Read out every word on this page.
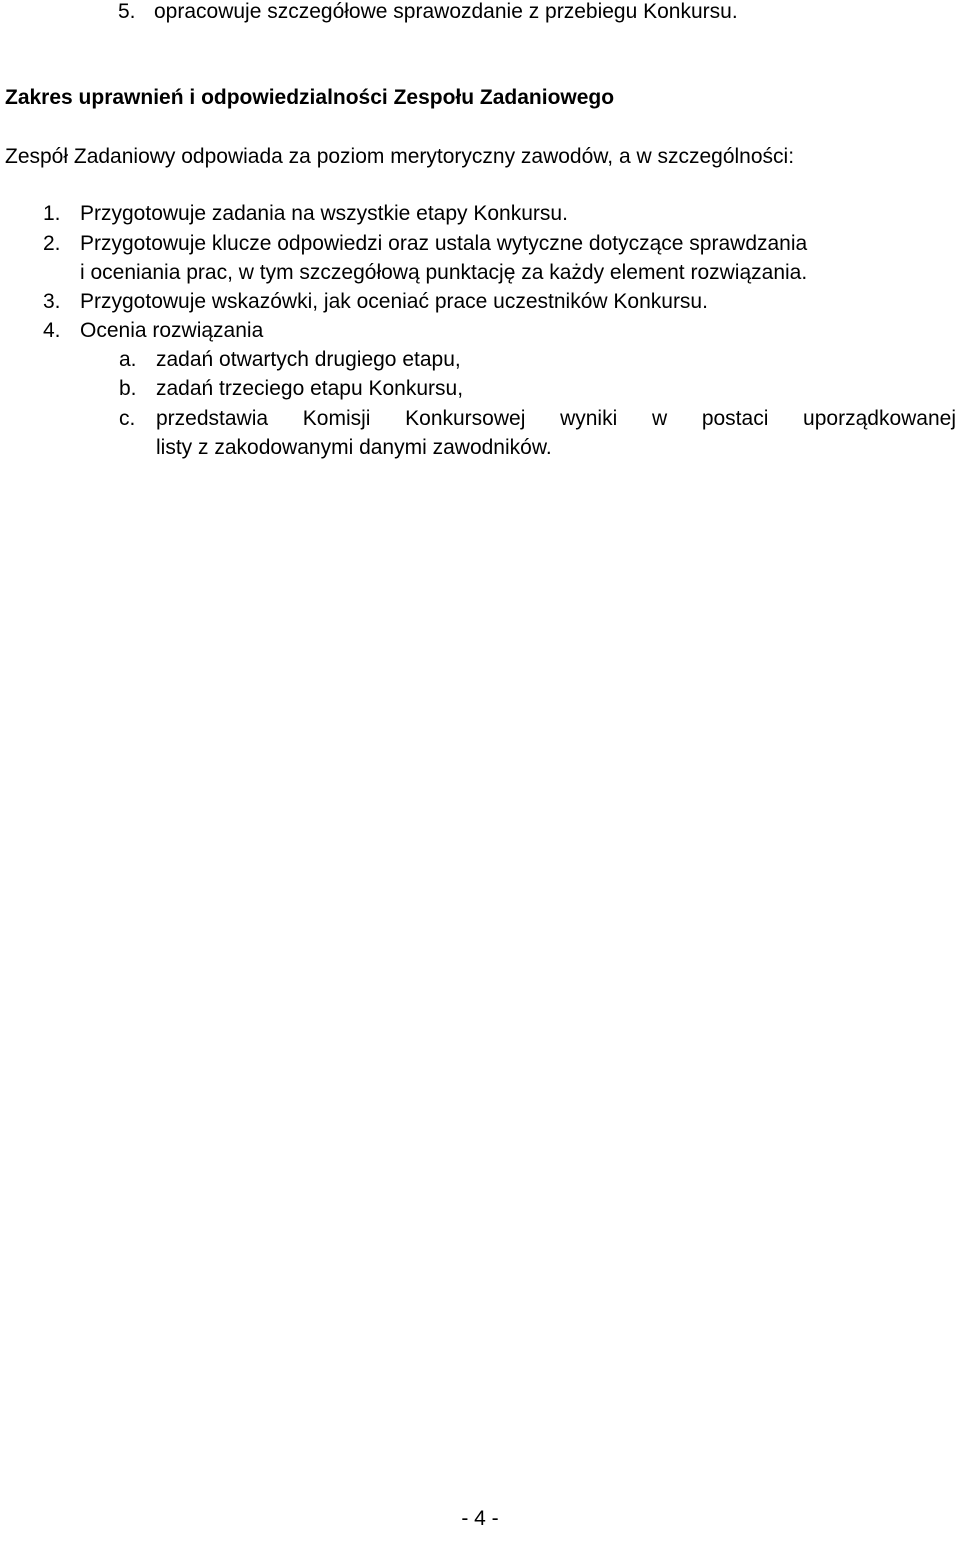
5. opracowuje szczegółowe sprawozdanie z przebiegu Konkursu.
Zakres uprawnień i odpowiedzialności Zespołu Zadaniowego
Zespół Zadaniowy odpowiada za poziom merytoryczny zawodów, a w szczególności:
1. Przygotowuje zadania na wszystkie etapy Konkursu.
2. Przygotowuje klucze odpowiedzi oraz ustala wytyczne dotyczące sprawdzania
i oceniania prac, w tym szczegółową punktację za każdy element rozwiązania.
3. Przygotowuje wskazówki, jak oceniać prace uczestników Konkursu.
4. Ocenia rozwiązania
a. zadań otwartych drugiego etapu,
b. zadań trzeciego etapu Konkursu,
c. przedstawia Komisji Konkursowej wyniki w postaci uporządkowanej
listy z zakodowanymi danymi zawodników.
- 4 -
